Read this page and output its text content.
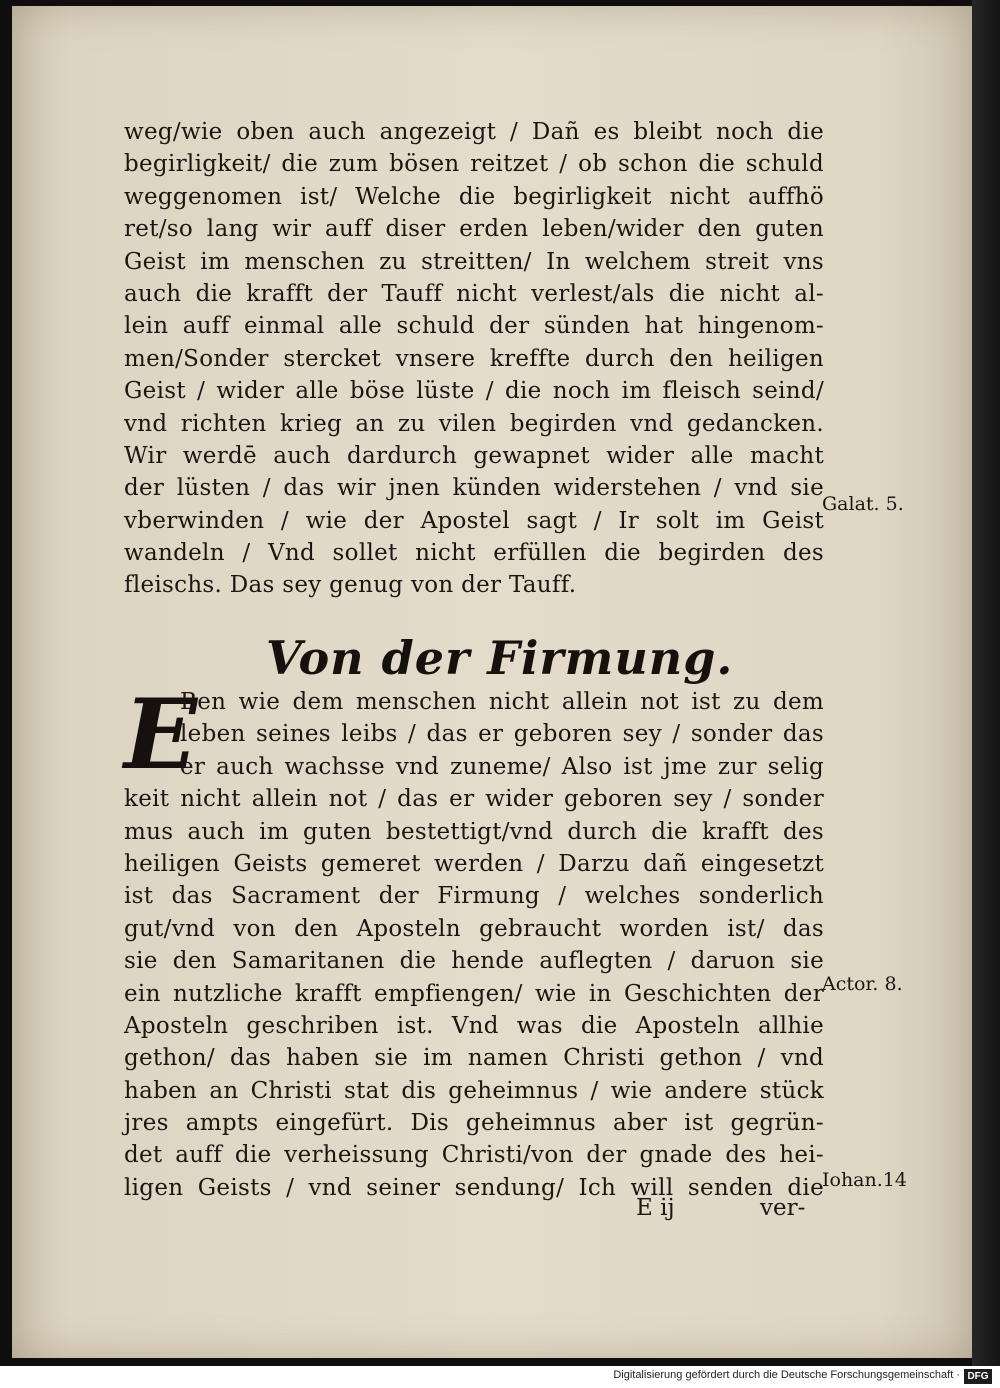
weg/wie oben auch angezeigt / Dañ es bleibt noch die
begirligkeit/ die zum bösen reitzet / ob schon die schuld
weggenomen ist/ Welche die begirligkeit nicht auffhö
ret/so lang wir auff diser erden leben/wider den guten
Geist im menschen zu streitten/ In welchem streit vns
auch die krafft der Tauff nicht verlest/als die nicht al-
lein auff einmal alle schuld der sünden hat hingenom-
men/Sonder stercket vnsere kreffte durch den heiligen
Geist / wider alle böse lüste / die noch im fleisch seind/
vnd richten krieg an zu vilen begirden vnd gedancken.
Wir werdē auch dardurch gewapnet wider alle macht
der lüsten / das wir jnen künden widerstehen / vnd sie
vberwinden / wie der Apostel sagt / Ir solt im Geist
wandeln / Vnd sollet nicht erfüllen die begirden des
fleischs. Das sey genug von der Tauff.
Galat. 5.
Von der Firmung.
E
Ben wie dem menschen nicht allein not ist zu dem
leben seines leibs / das er geboren sey / sonder das
er auch wachsse vnd zuneme/ Also ist jme zur selig
keit nicht allein not / das er wider geboren sey / sonder
mus auch im guten bestettigt/vnd durch die krafft des
heiligen Geists gemeret werden / Darzu dañ eingesetzt
ist das Sacrament der Firmung / welches sonderlich
gut/vnd von den Aposteln gebraucht worden ist/ das
sie den Samaritanen die hende auflegten / daruon sie
ein nutzliche krafft empfiengen/ wie in Geschichten der
Aposteln geschriben ist. Vnd was die Aposteln allhie
gethon/ das haben sie im namen Christi gethon / vnd
haben an Christi stat dis geheimnus / wie andere stück
jres ampts eingefürt. Dis geheimnus aber ist gegrün-
det auff die verheissung Christi/von der gnade des hei-
ligen Geists / vnd seiner sendung/ Ich will senden die
Actor. 8.
Iohan.14
E ij	ver-
Digitalisierung gefördert durch die Deutsche Forschungsgemeinschaft · DFG
